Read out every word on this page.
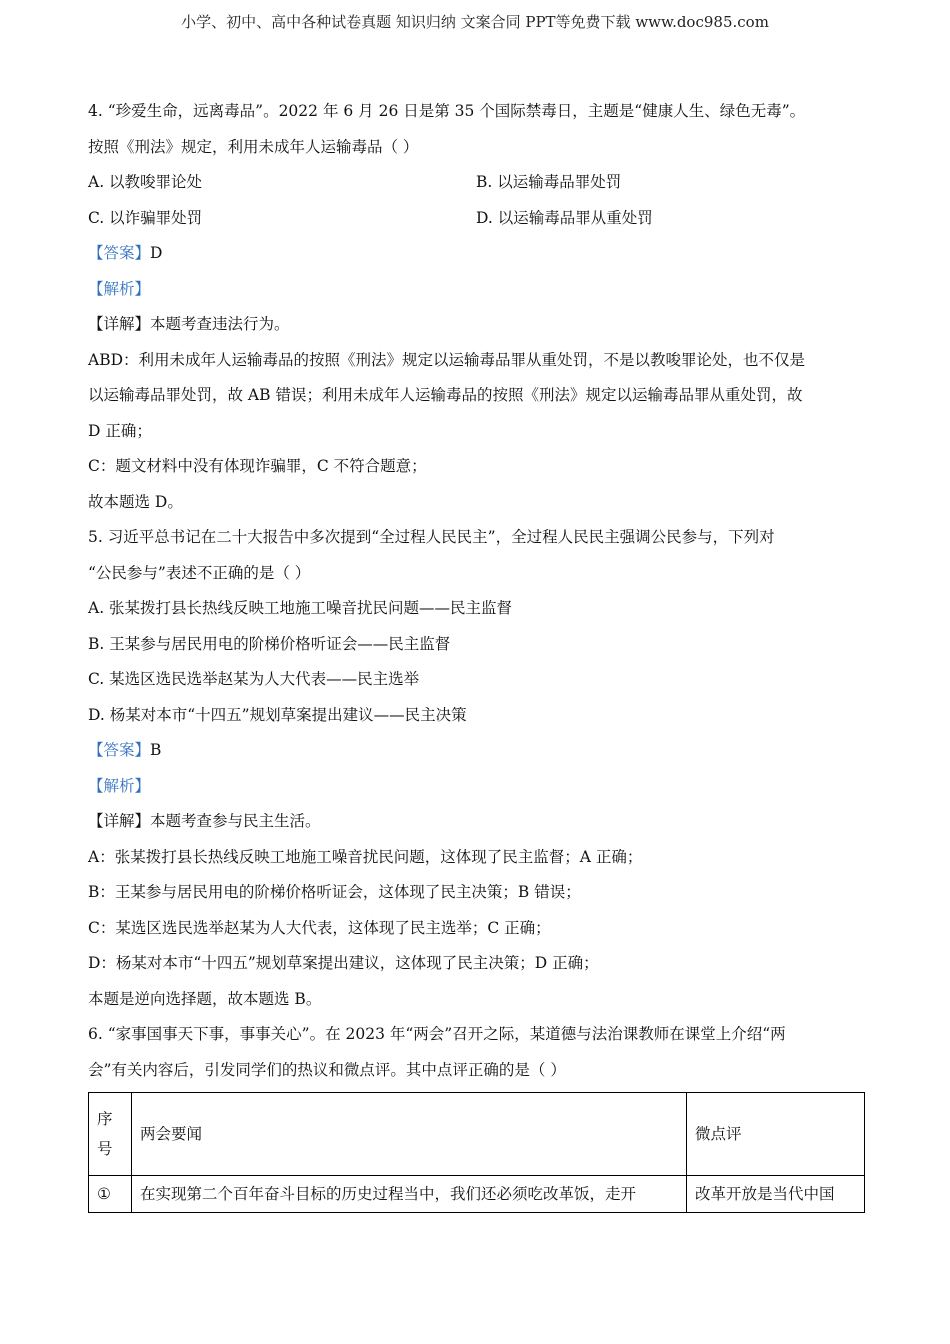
小学、初中、高中各种试卷真题 知识归纳 文案合同 PPT等免费下载 www.doc985.com
4. “珍爱生命，远离毒品”。2022 年 6 月 26 日是第 35 个国际禁毒日，主题是“健康人生、绿色无毒”。
按照《刑法》规定，利用未成年人运输毒品（ ）
A. 以教唆罪论处	B. 以运输毒品罪处罚
C. 以诈骗罪处罚	D. 以运输毒品罪从重处罚
【答案】D
【解析】
【详解】本题考查违法行为。
ABD：利用未成年人运输毒品的按照《刑法》规定以运输毒品罪从重处罚，不是以教唆罪论处，也不仅是
以运输毒品罪处罚，故 AB 错误；利用未成年人运输毒品的按照《刑法》规定以运输毒品罪从重处罚，故
D 正确；
C：题文材料中没有体现诈骗罪，C 不符合题意；
故本题选 D。
5. 习近平总书记在二十大报告中多次提到“全过程人民民主”，全过程人民民主强调公民参与，下列对
“公民参与”表述不正确的是（ ）
A. 张某拨打县长热线反映工地施工噪音扰民问题——民主监督
B. 王某参与居民用电的阶梯价格听证会——民主监督
C. 某选区选民选举赵某为人大代表——民主选举
D. 杨某对本市“十四五”规划草案提出建议——民主决策
【答案】B
【解析】
【详解】本题考查参与民主生活。
A：张某拨打县长热线反映工地施工噪音扰民问题，这体现了民主监督；A 正确；
B：王某参与居民用电的阶梯价格听证会，这体现了民主决策；B 错误；
C：某选区选民选举赵某为人大代表，这体现了民主选举；C 正确；
D：杨某对本市“十四五”规划草案提出建议，这体现了民主决策；D 正确；
本题是逆向选择题，故本题选 B。
6. “家事国事天下事，事事关心”。在 2023 年“两会”召开之际，某道德与法治课教师在课堂上介绍“两
会”有关内容后，引发同学们的热议和微点评。其中点评正确的是（ ）
序号	两会要闻	微点评
①	在实现第二个百年奋斗目标的历史过程当中，我们还必须吃改革饭，走开	改革开放是当代中国
